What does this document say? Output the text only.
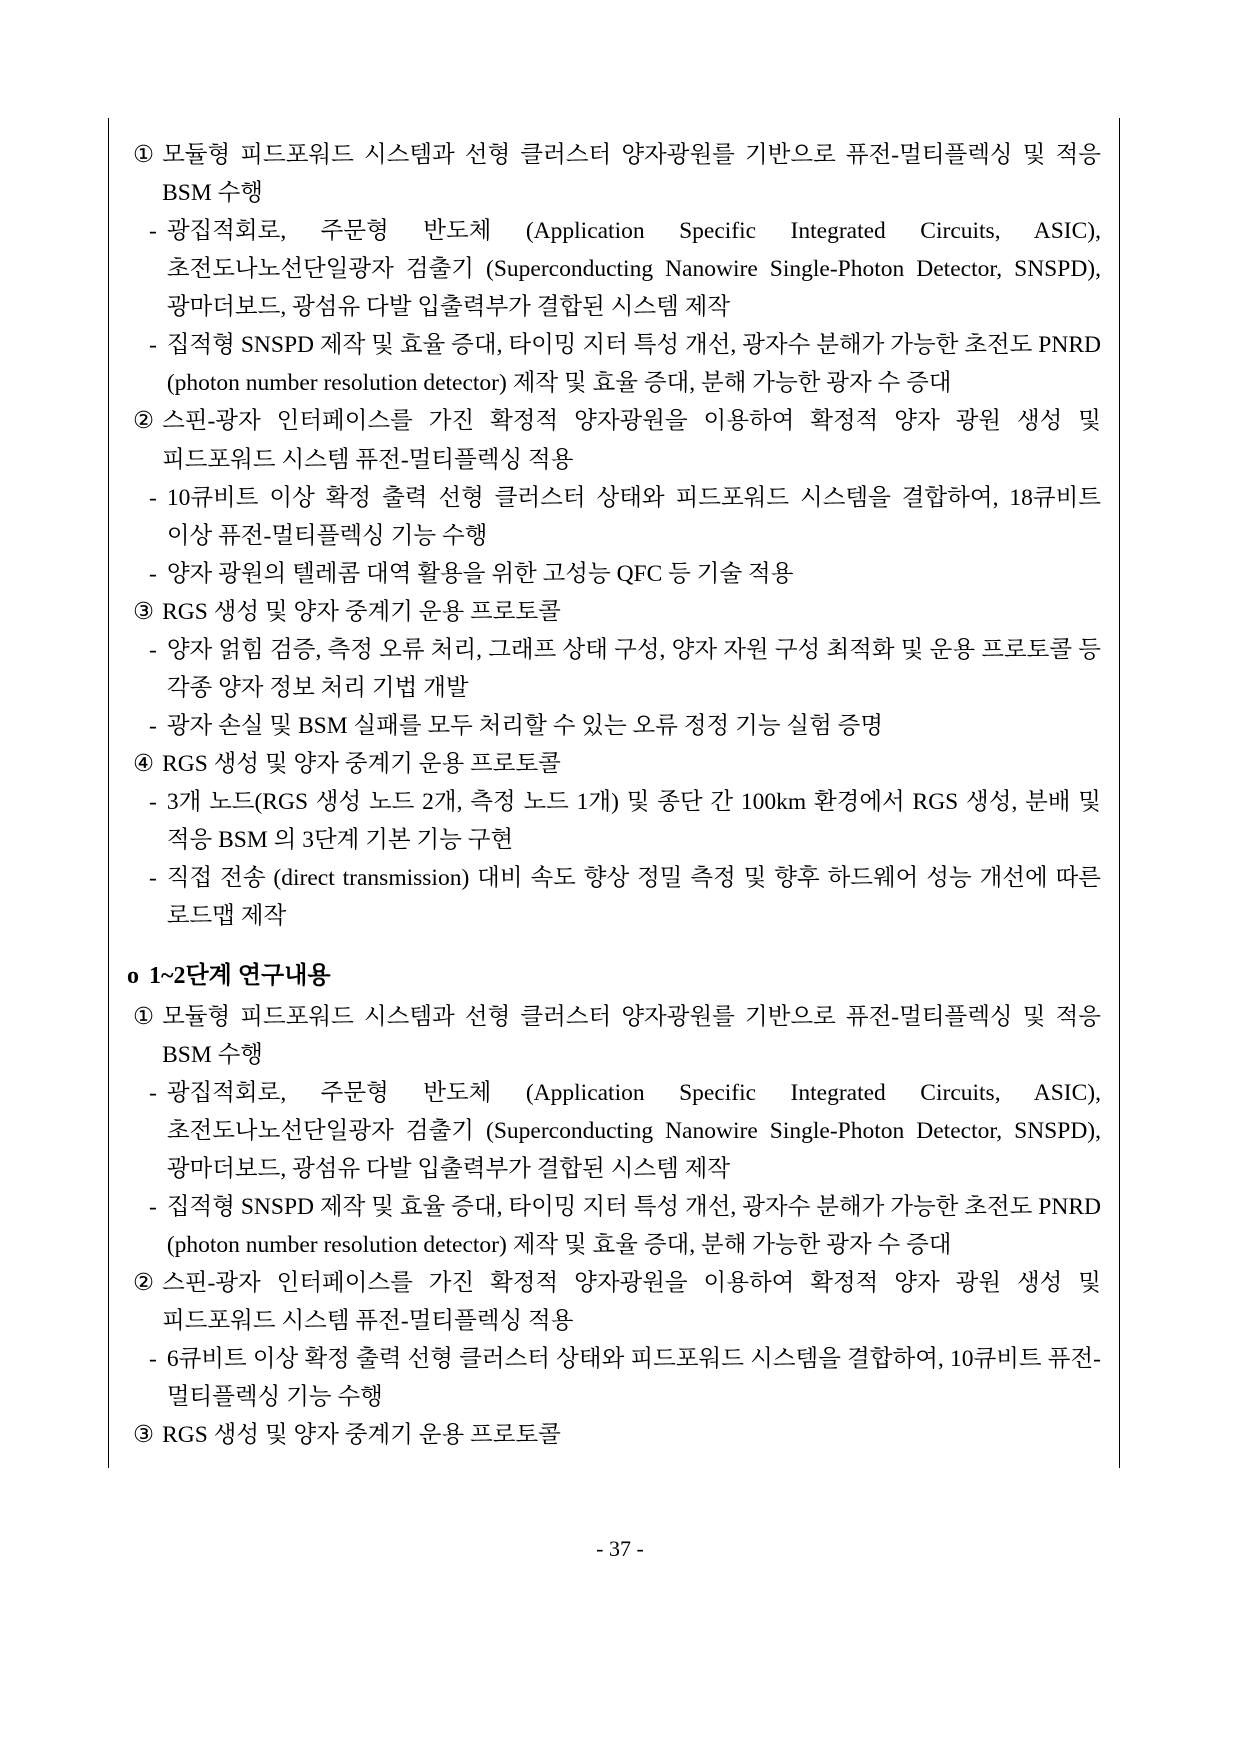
① 모듈형 피드포워드 시스템과 선형 클러스터 양자광원를 기반으로 퓨전-멀티플렉싱 및 적응 BSM 수행
- 광집적회로, 주문형 반도체 (Application Specific Integrated Circuits, ASIC), 초전도나노선단일광자 검출기 (Superconducting Nanowire Single-Photon Detector, SNSPD), 광마더보드, 광섬유 다발 입출력부가 결합된 시스템 제작
- 집적형 SNSPD 제작 및 효율 증대, 타이밍 지터 특성 개선, 광자수 분해가 가능한 초전도 PNRD (photon number resolution detector) 제작 및 효율 증대, 분해 가능한 광자 수 증대
② 스핀-광자 인터페이스를 가진 확정적 양자광원을 이용하여 확정적 양자 광원 생성 및 피드포워드 시스템 퓨전-멀티플렉싱 적용
- 10큐비트 이상 확정 출력 선형 클러스터 상태와 피드포워드 시스템을 결합하여, 18큐비트 이상 퓨전-멀티플렉싱 기능 수행
- 양자 광원의 텔레콤 대역 활용을 위한 고성능 QFC 등 기술 적용
③ RGS 생성 및 양자 중계기 운용 프로토콜
- 양자 얽힘 검증, 측정 오류 처리, 그래프 상태 구성, 양자 자원 구성 최적화 및 운용 프로토콜 등 각종 양자 정보 처리 기법 개발
- 광자 손실 및 BSM 실패를 모두 처리할 수 있는 오류 정정 기능 실험 증명
④ RGS 생성 및 양자 중계기 운용 프로토콜
- 3개 노드(RGS 생성 노드 2개, 측정 노드 1개) 및 종단 간 100km 환경에서 RGS 생성, 분배 및 적응 BSM 의 3단계 기본 기능 구현
- 직접 전송 (direct transmission) 대비 속도 향상 정밀 측정 및 향후 하드웨어 성능 개선에 따른 로드맵 제작
o 1~2단계 연구내용
① 모듈형 피드포워드 시스템과 선형 클러스터 양자광원를 기반으로 퓨전-멀티플렉싱 및 적응 BSM 수행
- 광집적회로, 주문형 반도체 (Application Specific Integrated Circuits, ASIC), 초전도나노선단일광자 검출기 (Superconducting Nanowire Single-Photon Detector, SNSPD), 광마더보드, 광섬유 다발 입출력부가 결합된 시스템 제작
- 집적형 SNSPD 제작 및 효율 증대, 타이밍 지터 특성 개선, 광자수 분해가 가능한 초전도 PNRD (photon number resolution detector) 제작 및 효율 증대, 분해 가능한 광자 수 증대
② 스핀-광자 인터페이스를 가진 확정적 양자광원을 이용하여 확정적 양자 광원 생성 및 피드포워드 시스템 퓨전-멀티플렉싱 적용
- 6큐비트 이상 확정 출력 선형 클러스터 상태와 피드포워드 시스템을 결합하여, 10큐비트 퓨전-멀티플렉싱 기능 수행
③ RGS 생성 및 양자 중계기 운용 프로토콜
- 37 -
